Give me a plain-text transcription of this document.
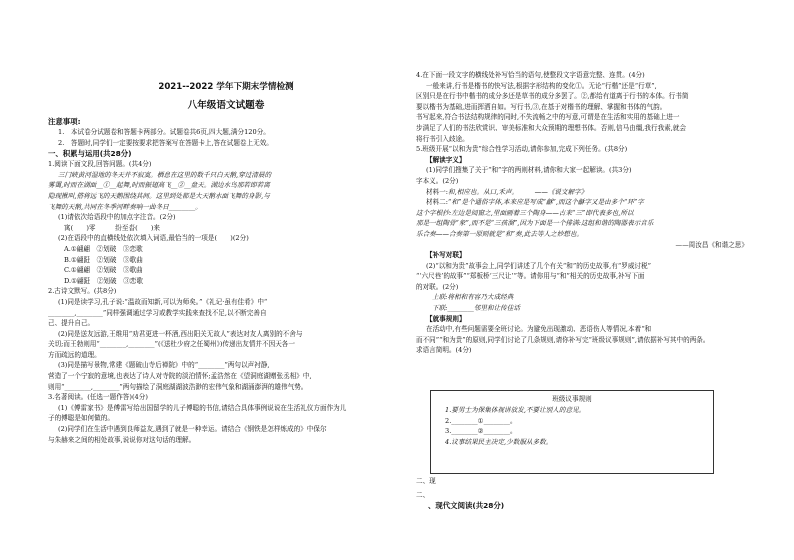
2021--2022 学年下期末学情检测
八年级语文试题卷
注意事项:
1.　本试卷分试题卷和答题卡两部分。试题卷共6页,四大题,满分120分。
2.　答题时,同学们一定要按要求把答案写在答题卡上,答在试题卷上无效。
一、积累与运用(共28分)
1.阅读下面文段,回答问题。(共4分)
三门峡黄河湿地的冬天并不寂寞。栖息在这里的数千只白天鹅,穿过清晨的
雾霭,时而在湖面__①__起舞,时而振翅高飞__②__盘天。湖边水鸟那若即若离
隐现揪叫,搭将远飞的天鹅围绕其间。这里到处都是大天鹅水面飞舞的身影,与
飞舞的天鹅,共同在冬季河畔奏响一曲冬日________。
(1)请依次给语段中的加点字注音。(2分)
寓(　　)零　　　纷至沓(　　)来
(2)在语段中的直横线处依次填入词语,最恰当的一项是(　　)(2分)
A.①翩翩　②划破　③恋歌
B.①翩跹　②划破　③歌曲
C.①翩翩　②划破　③歌曲
D.①翩跹　②划破　③恋歌
2.古诗文默写。(共8分)
(1)同是读学习,孔子说:“温故而知新,可以为师矣。”《礼记·虽有佳肴》中“
________,________”同样强调通过学习或教学实践来查找不足,以不断完善自
己、提升自己。
(2)同是送友远游,王维用“劝君更进一杯酒,西出阳关无故人”表达对友人离别的不舍与
关切;而王勃则用“________,________”(《送杜少府之任蜀州》)传递出友情并不因天各一
方而疏远的道理。
(3)同是描写景物,常建《题破山寺后禅院》中的“________”两句以声衬静,
营造了一个宁寂的意境,也表达了诗人对寺院的淡泊情怀;孟浩然在《望洞庭湖赠张丞相》中,
则用“________,________”两句描绘了洞庭湖湖波浩渺的宏伟气象和湖涌澎湃的雄伟气势。
3.名著阅读。(任选一题作答)(4分)
(1)《傅雷家书》是傅雷写给出国留学的儿子傅聪的书信,请结合具体事例说说在生活礼仪方面作为儿
子的傅聪是如何做的。
(2)同学们在生活中遇到良师益友,遇到了就是一种幸运。请结合《钢铁是怎样炼成的》中保尔
与朱赫来之间的相处故事,说说你对这句话的理解。
4.在下面一段文字的横线处补写恰当的语句,使整段文字语意完整、连贯。(4分)
一般来讲,行书是楷书的快写法,根据字形结构的变化①。无论“行楷”还是“行草”,
区别只是在行书中楷书的成分多还是草书的成分多罢了。②,都给有道离于行书的本体。行书简
要以楷书为基础,进而挥洒自如。写行书,③,在基于对楷书的理解、掌握和书体的气韵。
书写起来,符合书法结构规律的同时,不失流畅之中的写意,可谓是在生活和实用的基础上进一
步满足了人们的书法欣赏识、审美标准和大众预期的理想书体。否则,信马由缰,我行我素,就会
将行书引入歧途。
5.班级开展“以和为贵”综合性学习活动,请你参加,完成下列任务。(共8分)
【解读字义】
(1)同学们搜集了关于“和”字的两则材料,请你和大家一起解读。(共3分)
字本义。(2分)
材料一:和,相应也。从口,禾声。　　　——《说文解字》
材料二:“和”是个通俗字体,本来应是写成“龢”,而这个龢字又是由多个“环”字
这个字根抄:左边是阅窗之,里面画着三个陶身——古来“三”即代表多也,所以
那是一组陶骨“象”,而不是“三孩溜”,因为下面是一个排满:这组和谐的陶器表示音乐
乐合奏——合奏第一原则就是“和”奏,此去等人之妙想也。
——周汝昌《和谐之思》
【补写对联】
(2)“以和为贵”故事会上,同学们讲述了几个有关“和”的历史故事,有“罗威讨税”
“‘六尺巷’的故事”“郑板桥‘三尺让’”等。请你用与“和”相关的历史故事,补写下面
的对联。(2分)
上联:将相和有容乃大成经典
下联:________邻里和让传佳话
【就事规则】
在活动中,有些问题需要全班讨论。为避免出现激动、恶语伤人等情况,本着“和
而不同”“和为贵”的原则,同学们讨论了几条规则,请你补写完“班级议事规则”,请依据补写其中的两条。
求语言简明。(4分)
班级议事规则
1.要男士为保集体视讲放发,不要让别人的意见。
2.________①________。
3.________②________。
4.议事结果民主决定,少数服从多数。
二、现
二、
、现代文阅读(共28分)
